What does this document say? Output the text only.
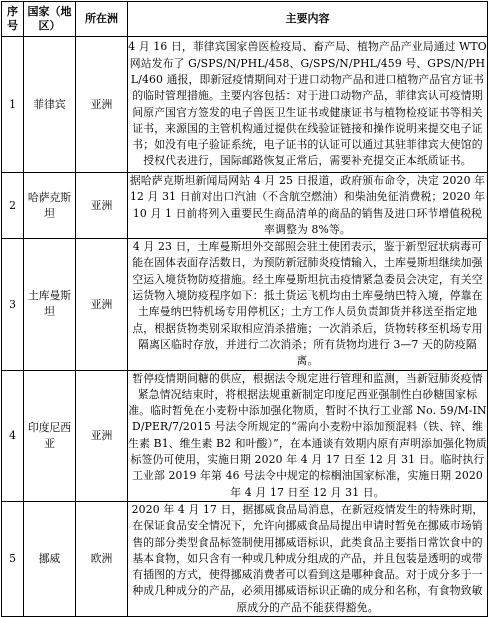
序号	国家（地区）	所在洲	主要内容
1	菲律宾	亚洲	4 月 16 日，菲律宾国家兽医检疫局、畜产局、植物产品产业局通过 WTO 网站发布了 G/SPS/N/PHL/458、G/SPS/N/PHL/459 号、GPS/N/PHL/460 通报，即新冠疫情期间对于进口动物产品和进口植物产品官方证书的临时管理措施。主要内容包括：对于进口动物产品，菲律宾认可疫情期间原产国官方签发的电子兽医卫生证书或健康证书与植物检疫证书等相关证书，来源国的主管机构通过提供在线验证链接和操作说明来提交电子证书；如没有电子验证系统，电子证书的认证可以通过其驻菲律宾大使馆的授权代表进行，国际邮路恢复正常后，需要补充提交正本纸质证书。
2	哈萨克斯坦	亚洲	据哈萨克斯坦新闻局网站 4 月 25 日报道，政府颁布命令，决定 2020 年 12 月 31 日前对出口汽油（不含航空燃油）和柴油免征消费税；2020 年 10 月 1 日前将列入重要民生商品清单的商品的销售及进口环节增值税税率调整为 8%等。
3	土库曼斯坦	亚洲	4 月 23 日，土库曼斯坦外交部照会驻土使团表示，鉴于新型冠状病毒可能在固体表面存活数日，为预防新冠肺炎疫情输入，土库曼斯坦继续加强空运入境货物防疫措施。经土库曼斯坦抗击疫情紧急委员会决定，有关空运货物入境防疫程序如下：抵土货运飞机均由土库曼纳巴特入境，停靠在土库曼纳巴特机场专用停机区；土方工作人员负责卸货并移送至指定地点，根据货物类别采取相应消杀措施；一次消杀后，货物转移至机场专用隔离区临时存放，并进行二次消杀；所有货物均进行 3—7 天的防疫隔离。
4	印度尼西亚	亚洲	暂停疫情期间糖的供应，根据法令规定进行管理和监测，当新冠肺炎疫情紧急情况结束时，将根据法规重新制定印度尼西亚强制性白砂糖国家标准。临时暂免在小麦粉中添加强化物质，暂时不执行工业部 No. 59/M-IND/PER/7/2015 号法令所规定的“需向小麦粉中添加预混料（铁、锌、维生素 B1、维生素 B2 和叶酸）”，在本通谈有效期内原有声明添加强化物质标签仍可使用，实施日期 2020 年 4 月 17 日至 12 月 31 日。临时执行工业部 2019 年第 46 号法令中规定的棕榈油国家标准，实施日期 2020 年 4 月 17 日至 12 月 31 日。
5	挪威	欧洲	2020 年 4 月 17 日，据挪威食品局消息，在新冠疫情发生的特殊时期，在保证食品安全情况下，允许向挪威食品局提出申请时暂免在挪威市场销售的部分类型食品标签制使用挪威语标识，此类食品主要指日常饮食中的基本食物，如只含有一种或几种成分组成的产品，并且包装是透明的或带有插图的方式，使得挪威消费者可以看到这是哪种食品。对于成分多于一种成几种成分的产品，必须用挪威语标识正确的成分和名称，有食物致敏原成分的产品不能获得豁免。
